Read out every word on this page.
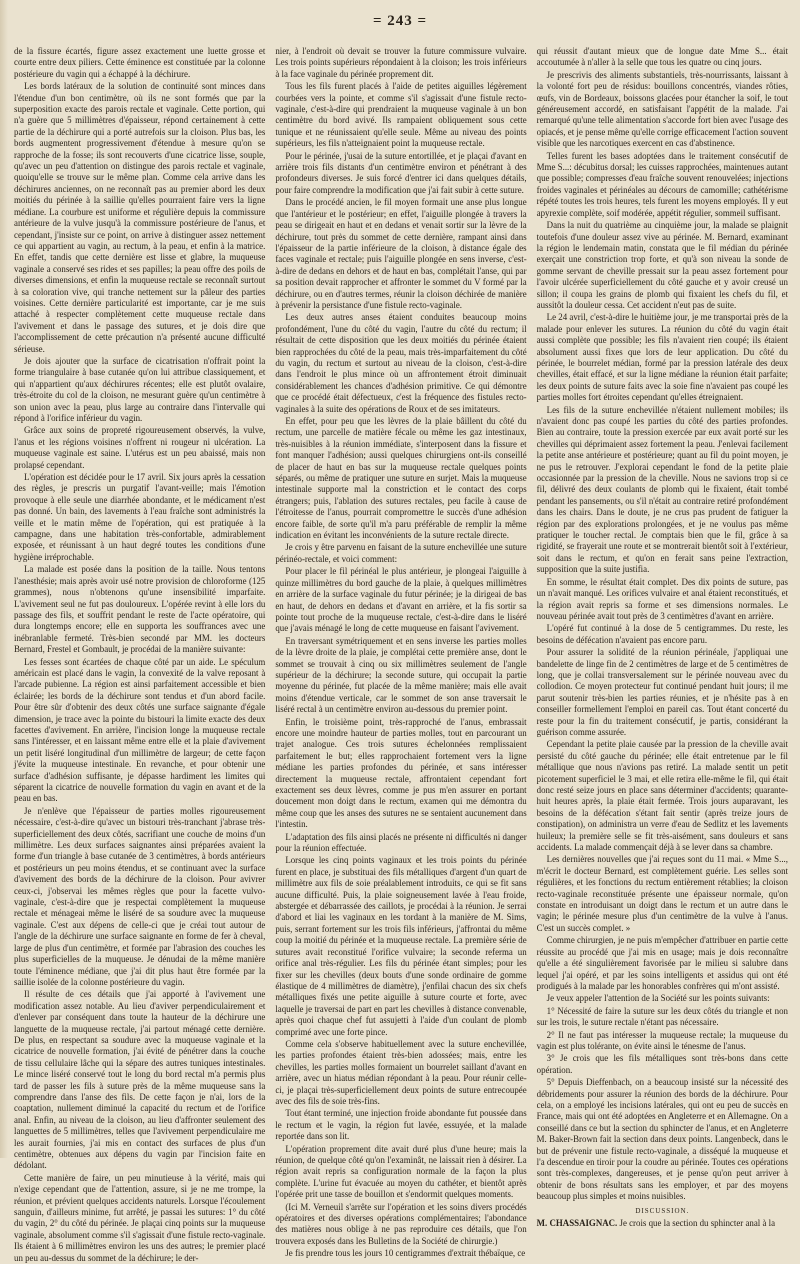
= 243 =

de la fissure écartés, figure assez exactement une luette grosse et courte entre deux piliers. Cette éminence est constituée par la colonne postérieure du vagin qui a échappé à la déchirure.

Les bords latéraux de la solution de continuité sont minces dans l'étendue d'un bon centimètre, où ils ne sont formés que par la superposition exacte des parois rectale et vaginale. Cette portion, qui n'a guère que 5 millimètres d'épaisseur, répond certainement à cette partie de la déchirure qui a porté autrefois sur la cloison. Plus bas, les bords augmentent progressivement d'étendue à mesure qu'on se rapproche de la fosse; ils sont recouverts d'une cicatrice lisse, souple, qu'avec un peu d'attention on distingue des parois rectale et vaginale, quoiqu'elle se trouve sur le même plan. Comme cela arrive dans les déchirures anciennes, on ne reconnaît pas au premier abord les deux moitiés du périnée à la saillie qu'elles pourraient faire vers la ligne médiane. La courbure est uniforme et régulière depuis la commissure antérieure de la vulve jusqu'à la commissure postérieure de l'anus, et cependant, j'insiste sur ce point, on arrive à distinguer assez nettement ce qui appartient au vagin, au rectum, à la peau, et enfin à la matrice. En effet, tandis que cette dernière est lisse et glabre, la muqueuse vaginale a conservé ses rides et ses papilles; la peau offre des poils de diverses dimensions, et enfin la muqueuse rectale se reconnaît surtout à sa coloration vive, qui tranche nettement sur la pâleur des parties voisines. Cette dernière particularité est importante, car je me suis attaché à respecter complètement cette muqueuse rectale dans l'avivement et dans le passage des sutures, et je dois dire que l'accomplissement de cette précaution n'a présenté aucune difficulté sérieuse.

Je dois ajouter que la surface de cicatrisation n'offrait point la forme triangulaire à base cutanée qu'on lui attribue classiquement, et qui n'appartient qu'aux déchirures récentes; elle est plutôt ovalaire, très-étroite du col de la cloison, ne mesurant guère qu'un centimètre à son union avec la peau, plus large au contraire dans l'intervalle qui répond à l'orifice inférieur du vagin.

Grâce aux soins de propreté rigoureusement observés, la vulve, l'anus et les régions voisines n'offrent ni rougeur ni ulcération. La muqueuse vaginale est saine. L'utérus est un peu abaissé, mais non prolapsé cependant.

L'opération est décidée pour le 17 avril. Six jours après la cessation des règles, je prescris un purgatif l'avant-veille; mais l'émotion provoque à elle seule une diarrhée abondante, et le médicament n'est pas donné. Un bain, des lavements à l'eau fraîche sont administrés la veille et le matin même de l'opération, qui est pratiquée à la campagne, dans une habitation très-confortable, admirablement exposée, et réunissant à un haut degré toutes les conditions d'une hygiène irréprochable.

La malade est posée dans la position de la taille. Nous tentons l'anesthésie; mais après avoir usé notre provision de chloroforme (125 grammes), nous n'obtenons qu'une insensibilité imparfaite. L'avivement seul ne fut pas douloureux. L'opérée revint à elle lors du passage des fils, et souffrit pendant le reste de l'acte opératoire, qui dura longtemps encore; elle en supporta les souffrances avec une inébranlable fermeté. Très-bien secondé par MM. les docteurs Bernard, Frestel et Gombault, je procédai de la manière suivante:

Les fesses sont écartées de chaque côté par un aide. Le spéculum américain est placé dans le vagin, la convexité de la valve reposant à l'arcade pubienne. La région est ainsi parfaitement accessible et bien éclairée; les bords de la déchirure sont tendus et d'un abord facile. Pour être sûr d'obtenir des deux côtés une surface saignante d'égale dimension, je trace avec la pointe du bistouri la limite exacte des deux facettes d'avivement. En arrière, l'incision longe la muqueuse rectale sans l'intéresser, et en laissant même entre elle et la plaie d'avivement un petit liséré longitudinal d'un millimètre de largeur; de cette façon j'évite la muqueuse intestinale. En revanche, et pour obtenir une surface d'adhésion suffisante, je dépasse hardiment les limites qui séparent la cicatrice de nouvelle formation du vagin en avant et de la peau en bas.

Je n'enlève que l'épaisseur de parties molles rigoureusement nécessaire, c'est-à-dire qu'avec un bistouri très-tranchant j'abrase très-superficiellement des deux côtés, sacrifiant une couche de moins d'un millimètre. Les deux surfaces saignantes ainsi préparées avaient la forme d'un triangle à base cutanée de 3 centimètres, à bords antérieurs et postérieurs un peu moins étendus, et se continuant avec la surface d'avivement des bords de la déchirure de la cloison. Pour avivrer ceux-ci, j'observai les mêmes règles que pour la facette vulvo-vaginale, c'est-à-dire que je respectai complètement la muqueuse rectale et ménageai même le liséré de sa soudure avec la muqueuse vaginale. C'est aux dépens de celle-ci que je créai tout autour de l'angle de la déchirure une surface saignante en forme de fer à cheval, large de plus d'un centimètre, et formée par l'abrasion des couches les plus superficielles de la muqueuse. Je dénudai de la même manière toute l'éminence médiane, que j'ai dit plus haut être formée par la saillie isolée de la colonne postérieure du vagin.

Il résulte de ces détails que j'ai apporté à l'avivement une modification assez notable. Au lieu d'aviver perpendiculairement et d'enlever par conséquent dans toute la hauteur de la déchirure une languette de la muqueuse rectale, j'ai partout ménagé cette dernière. De plus, en respectant sa soudure avec la muqueuse vaginale et la cicatrice de nouvelle formation, j'ai évité de pénétrer dans la couche de tissu cellulaire lâche qui la sépare des autres tuniques intestinales. Le mince liséré conservé tout le long du bord rectal m'a permis plus tard de passer les fils à suture près de la même muqueuse sans la comprendre dans l'anse des fils. De cette façon je n'ai, lors de la coaptation, nullement diminué la capacité du rectum et de l'orifice anal. Enfin, au niveau de la cloison, au lieu d'affronter seulement des languettes de 5 millimètres, telles que l'avivement perpendiculaire me les aurait fournies, j'ai mis en contact des surfaces de plus d'un centimètre, obtenues aux dépens du vagin par l'incision faite en dédolant.

Cette manière de faire, un peu minutieuse à la vérité, mais qui n'exige cependant que de l'attention, assure, si je ne me trompe, la réunion, et prévient quelques accidents naturels. Lorsque l'écoulement sanguin, d'ailleurs minime, fut arrêté, je passai les sutures: 1° du côté du vagin, 2° du côté du périnée. Je plaçai cinq points sur la muqueuse vaginale, absolument comme s'il s'agissait d'une fistule recto-vaginale. Ils étaient à 6 millimètres environ les uns des autres; le premier placé un peu au-dessus du sommet de la déchirure; le der-

nier, à l'endroit où devait se trouver la future commissure vulvaire. Les trois points supérieurs répondaient à la cloison; les trois inférieurs à la face vaginale du périnée proprement dit.

Tous les fils furent placés à l'aide de petites aiguilles légèrement courbées vers la pointe, et comme s'il s'agissait d'une fistule recto-vaginale, c'est-à-dire qui prendraient la muqueuse vaginale à un bon centimètre du bord avivé. Ils rampaient obliquement sous cette tunique et ne réunissaient qu'elle seule. Même au niveau des points supérieurs, les fils n'atteignaient point la muqueuse rectale.

Pour le périnée, j'usai de la suture entortillée, et je plaçai d'avant en arrière trois fils distants d'un centimètre environ et pénétrant à des profondeurs diverses. Je suis forcé d'entrer ici dans quelques détails, pour faire comprendre la modification que j'ai fait subir à cette suture.

Dans le procédé ancien, le fil moyen formait une anse plus longue que l'antérieur et le postérieur; en effet, l'aiguille plongée à travers la peau se dirigeait en haut et en dedans et venait sortir sur la lèvre de la déchirure, tout près du sommet de cette dernière, rampant ainsi dans l'épaisseur de la partie inférieure de la cloison, à distance égale des faces vaginale et rectale; puis l'aiguille plongée en sens inverse, c'est-à-dire de dedans en dehors et de haut en bas, complétait l'anse, qui par sa position devait rapprocher et affronter le sommet du V formé par la déchirure, ou en d'autres termes, réunir la cloison déchirée de manière à prévenir la persistance d'une fistule recto-vaginale.

Les deux autres anses étaient conduites beaucoup moins profondément, l'une du côté du vagin, l'autre du côté du rectum; il résultait de cette disposition que les deux moitiés du périnée étaient bien rapprochées du côté de la peau, mais très-imparfaitement du côté du vagin, du rectum et surtout au niveau de la cloison, c'est-à-dire dans l'endroit le plus mince où un affrontement étroit diminuait considérablement les chances d'adhésion primitive. Ce qui démontre que ce procédé était défectueux, c'est la fréquence des fistules recto-vaginales à la suite des opérations de Roux et de ses imitateurs.

En effet, pour peu que les lèvres de la plaie bâillent du côté du rectum, une parcelle de matière fécale ou même les gaz intestinaux, très-nuisibles à la réunion immédiate, s'interposent dans la fissure et font manquer l'adhésion; aussi quelques chirurgiens ont-ils conseillé de placer de haut en bas sur la muqueuse rectale quelques points séparés, ou même de pratiquer une suture en surjet. Mais la muqueuse intestinale supporte mal la constriction et le contact des corps étrangers; puis, l'ablation des sutures rectales, peu facile à cause de l'étroitesse de l'anus, pourrait compromettre le succès d'une adhésion encore faible, de sorte qu'il m'a paru préférable de remplir la même indication en évitant les inconvénients de la suture rectale directe.

Je crois y être parvenu en faisant de la suture enchevillée une suture périnéo-rectale, et voici comment:

Pour placer le fil périnéal le plus antérieur, je plongeai l'aiguille à quinze millimètres du bord gauche de la plaie, à quelques millimètres en arrière de la surface vaginale du futur périnée; je la dirigeai de bas en haut, de dehors en dedans et d'avant en arrière, et la fis sortir sa pointe tout proche de la muqueuse rectale, c'est-à-dire dans le liséré que j'avais ménagé le long de cette muqueuse en faisant l'avivement.

En traversant symétriquement et en sens inverse les parties molles de la lèvre droite de la plaie, je complétai cette première anse, dont le sommet se trouvait à cinq ou six millimètres seulement de l'angle supérieur de la déchirure; la seconde suture, qui occupait la partie moyenne du périnée, fut placée de la même manière; mais elle avait moins d'étendue verticale, car le sommet de son anse traversait le liséré rectal à un centimètre environ au-dessous du premier point.

Enfin, le troisième point, très-rapproché de l'anus, embrassait encore une moindre hauteur de parties molles, tout en parcourant un trajet analogue. Ces trois sutures échelonnées remplissaient parfaitement le but; elles rapprochaient fortement vers la ligne médiane les parties profondes du périnée, et sans intéresser directement la muqueuse rectale, affrontaient cependant fort exactement ses deux lèvres, comme je pus m'en assurer en portant doucement mon doigt dans le rectum, examen qui me démontra du même coup que les anses des sutures ne se sentaient aucunement dans l'intestin.

L'adaptation des fils ainsi placés ne présente ni difficultés ni danger pour la réunion effectuée.

Lorsque les cinq points vaginaux et les trois points du périnée furent en place, je substituai des fils métalliques d'argent d'un quart de millimètre aux fils de soie préalablement introduits, ce qui se fit sans aucune difficulté. Puis, la plaie soigneusement lavée à l'eau froide, abstergée et débarrassée des caillots, je procédai à la réunion. Je serrai d'abord et liai les vaginaux en les tordant à la manière de M. Sims, puis, serrant fortement sur les trois fils inférieurs, j'affrontai du même coup la moitié du périnée et la muqueuse rectale. La première série de sutures avait reconstitué l'orifice vulvaire; la seconde referma un orifice anal très-régulier. Les fils du périnée étant simples; pour les fixer sur les chevilles (deux bouts d'une sonde ordinaire de gomme élastique de 4 millimètres de diamètre), j'enfilai chacun des six chefs métalliques fixés une petite aiguille à suture courte et forte, avec laquelle je traversai de part en part les chevilles à distance convenable, après quoi chaque chef fut assujetti à l'aide d'un coulant de plomb comprimé avec une forte pince.

Comme cela s'observe habituellement avec la suture enchevillée, les parties profondes étaient très-bien adossées; mais, entre les chevilles, les parties molles formaient un bourrelet saillant d'avant en arrière, avec un hiatus médian répondant à la peau. Pour réunir celle-ci, je plaçai très-superficiellement deux points de suture entrecoupée avec des fils de soie très-fins.

Tout étant terminé, une injection froide abondante fut poussée dans le rectum et le vagin, la région fut lavée, essuyée, et la malade reportée dans son lit.

L'opération proprement dite avait duré plus d'une heure; mais la réunion, de quelque côté qu'on l'examinât, ne laissait rien à désirer. La région avait repris sa configuration normale de la façon la plus complète. L'urine fut évacuée au moyen du cathéter, et bientôt après l'opérée prit une tasse de bouillon et s'endormit quelques moments.

(Ici M. Verneuil s'arrête sur l'opération et les soins divers procédés opératoires et des diverses opérations complémentaires; l'abondance des matières nous oblige à ne pas reproduire ces détails, que l'on trouvera exposés dans les Bulletins de la Société de chirurgie.)

Je fis prendre tous les jours 10 centigrammes d'extrait thébaïque, ce

qui réussit d'autant mieux que de longue date Mme S... était accoutumée à n'aller à la selle que tous les quatre ou cinq jours.

Je prescrivis des aliments substantiels, très-nourrissants, laissant à la volonté fort peu de résidus: bouillons concentrés, viandes rôties, œufs, vin de Bordeaux, boissons glacées pour étancher la soif, le tout généreusement accordé, en satisfaisant l'appétit de la malade. J'ai remarqué qu'une telle alimentation s'accorde fort bien avec l'usage des opiacés, et je pense même qu'elle corrige efficacement l'action souvent visible que les narcotiques exercent en cas d'abstinence.

Telles furent les bases adoptées dans le traitement consécutif de Mme S...: décubitus dorsal; les cuisses rapprochées, maintenues autant que possible; compresses d'eau fraîche souvent renouvelées; injections froides vaginales et périnéales au décours de camomille; cathétérisme répété toutes les trois heures, tels furent les moyens employés. Il y eut apyrexie complète, soif modérée, appétit régulier, sommeil suffisant.

Dans la nuit du quatrième au cinquième jour, la malade se plaignit toutefois d'une douleur assez vive au périnée. M. Bernard, examinant la région le lendemain matin, constata que le fil médian du périnée exerçait une constriction trop forte, et qu'à son niveau la sonde de gomme servant de cheville pressait sur la peau assez fortement pour l'avoir ulcérée superficiellement du côté gauche et y avoir creusé un sillon; il coupa les grains de plomb qui fixaient les chefs du fil, et aussitôt la douleur cessa. Cet accident n'eut pas de suite.

Le 24 avril, c'est-à-dire le huitième jour, je me transportai près de la malade pour enlever les sutures. La réunion du côté du vagin était aussi complète que possible; les fils n'avaient rien coupé; ils étaient absolument aussi fixes que lors de leur application. Du côté du périnée, le bourrelet médian, formé par la pression latérale des deux chevilles, était effacé, et sur la ligne médiane la réunion était parfaite; les deux points de suture faits avec la soie fine n'avaient pas coupé les parties molles fort étroites cependant qu'elles étreignaient.

Les fils de la suture enchevillée n'étaient nullement mobiles; ils n'avaient donc pas coupé les parties du côté des parties profondes. Bien au contraire, toute la pression exercée par eux avait porté sur les chevilles qui déprimaient assez fortement la peau. J'enlevai facilement la petite anse antérieure et postérieure; quant au fil du point moyen, je ne pus le retrouver. J'explorai cependant le fond de la petite plaie occasionnée par la pression de la cheville. Nous ne savions trop si ce fil, délivré des deux coulants de plomb qui le fixaient, était tombé pendant les pansements, ou s'il n'était au contraire retiré profondément dans les chairs. Dans le doute, je ne crus pas prudent de fatiguer la région par des explorations prolongées, et je ne voulus pas même pratiquer le toucher rectal. Je comptais bien que le fil, grâce à sa rigidité, se frayerait une route et se montrerait bientôt soit à l'extérieur, soit dans le rectum, et qu'on en ferait sans peine l'extraction, supposition que la suite justifia.

En somme, le résultat était complet. Des dix points de suture, pas un n'avait manqué. Les orifices vulvaire et anal étaient reconstitués, et la région avait repris sa forme et ses dimensions normales. Le nouveau périnée avait tout près de 3 centimètres d'avant en arrière.

L'opéré fut continué à la dose de 5 centigrammes. Du reste, les besoins de défécation n'avaient pas encore paru.

Pour assurer la solidité de la réunion périnéale, j'appliquai une bandelette de linge fin de 2 centimètres de large et de 5 centimètres de long, que je collai transversalement sur le périnée nouveau avec du collodion. Ce moyen protecteur fut continué pendant huit jours; il me parut soutenir très-bien les parties réunies, et je n'hésite pas à en conseiller formellement l'emploi en pareil cas. Tout étant concerté du reste pour la fin du traitement consécutif, je partis, considérant la guérison comme assurée.

Cependant la petite plaie causée par la pression de la cheville avait persisté du côté gauche du périnée; elle était entretenue par le fil métallique que nous n'avions pas retiré. La malade sentit un petit picotement superficiel le 3 mai, et elle retira elle-même le fil, qui était donc resté seize jours en place sans déterminer d'accidents; quarante-huit heures après, la plaie était fermée. Trois jours auparavant, les besoins de la défécation s'étant fait sentir (après treize jours de constipation), on administra un verre d'eau de Sedlitz et les lavements huileux; la première selle se fit très-aisément, sans douleurs et sans accidents. La malade commençait déjà à se lever dans sa chambre.

Les dernières nouvelles que j'ai reçues sont du 11 mai. « Mme S..., m'écrit le docteur Bernard, est complètement guérie. Les selles sont régulières, et les fonctions du rectum entièrement rétablies; la cloison recto-vaginale reconstituée présente une épaisseur normale, qu'on constate en introduisant un doigt dans le rectum et un autre dans le vagin; le périnée mesure plus d'un centimètre de la vulve à l'anus. C'est un succès complet. »

Comme chirurgien, je ne puis m'empêcher d'attribuer en partie cette réussite au procédé que j'ai mis en usage; mais je dois reconnaître qu'elle a été singulièrement favorisée par le milieu si salubre dans lequel j'ai opéré, et par les soins intelligents et assidus qui ont été prodigués à la malade par les honorables confrères qui m'ont assisté.

Je veux appeler l'attention de la Société sur les points suivants:

1° Nécessité de faire la suture sur les deux côtés du triangle et non sur les trois, le suture rectale n'étant pas nécessaire.

2° Il ne faut pas intéresser la muqueuse rectale; la muqueuse du vagin est plus tolérante, on évite ainsi le ténesme de l'anus.

3° Je crois que les fils métalliques sont très-bons dans cette opération.

5° Depuis Dieffenbach, on a beaucoup insisté sur la nécessité des débridements pour assurer la réunion des bords de la déchirure. Pour cela, on a employé les incisions latérales, qui ont eu peu de succès en France, mais qui ont été adoptées en Angleterre et en Allemagne. On a conseillé dans ce but la section du sphincter de l'anus, et en Angleterre M. Baker-Brown fait la section dans deux points. Langenbeck, dans le but de prévenir une fistule recto-vaginale, a disséqué la muqueuse et l'a descendue en tiroir pour la coudre au périnée. Toutes ces opérations sont très-complexes, dangereuses, et je pense qu'on peut arriver à obtenir de bons résultats sans les employer, et par des moyens beaucoup plus simples et moins nuisibles.

DISCUSSION.

M. CHASSAIGNAC. Je crois que la section du sphincter anal à la
